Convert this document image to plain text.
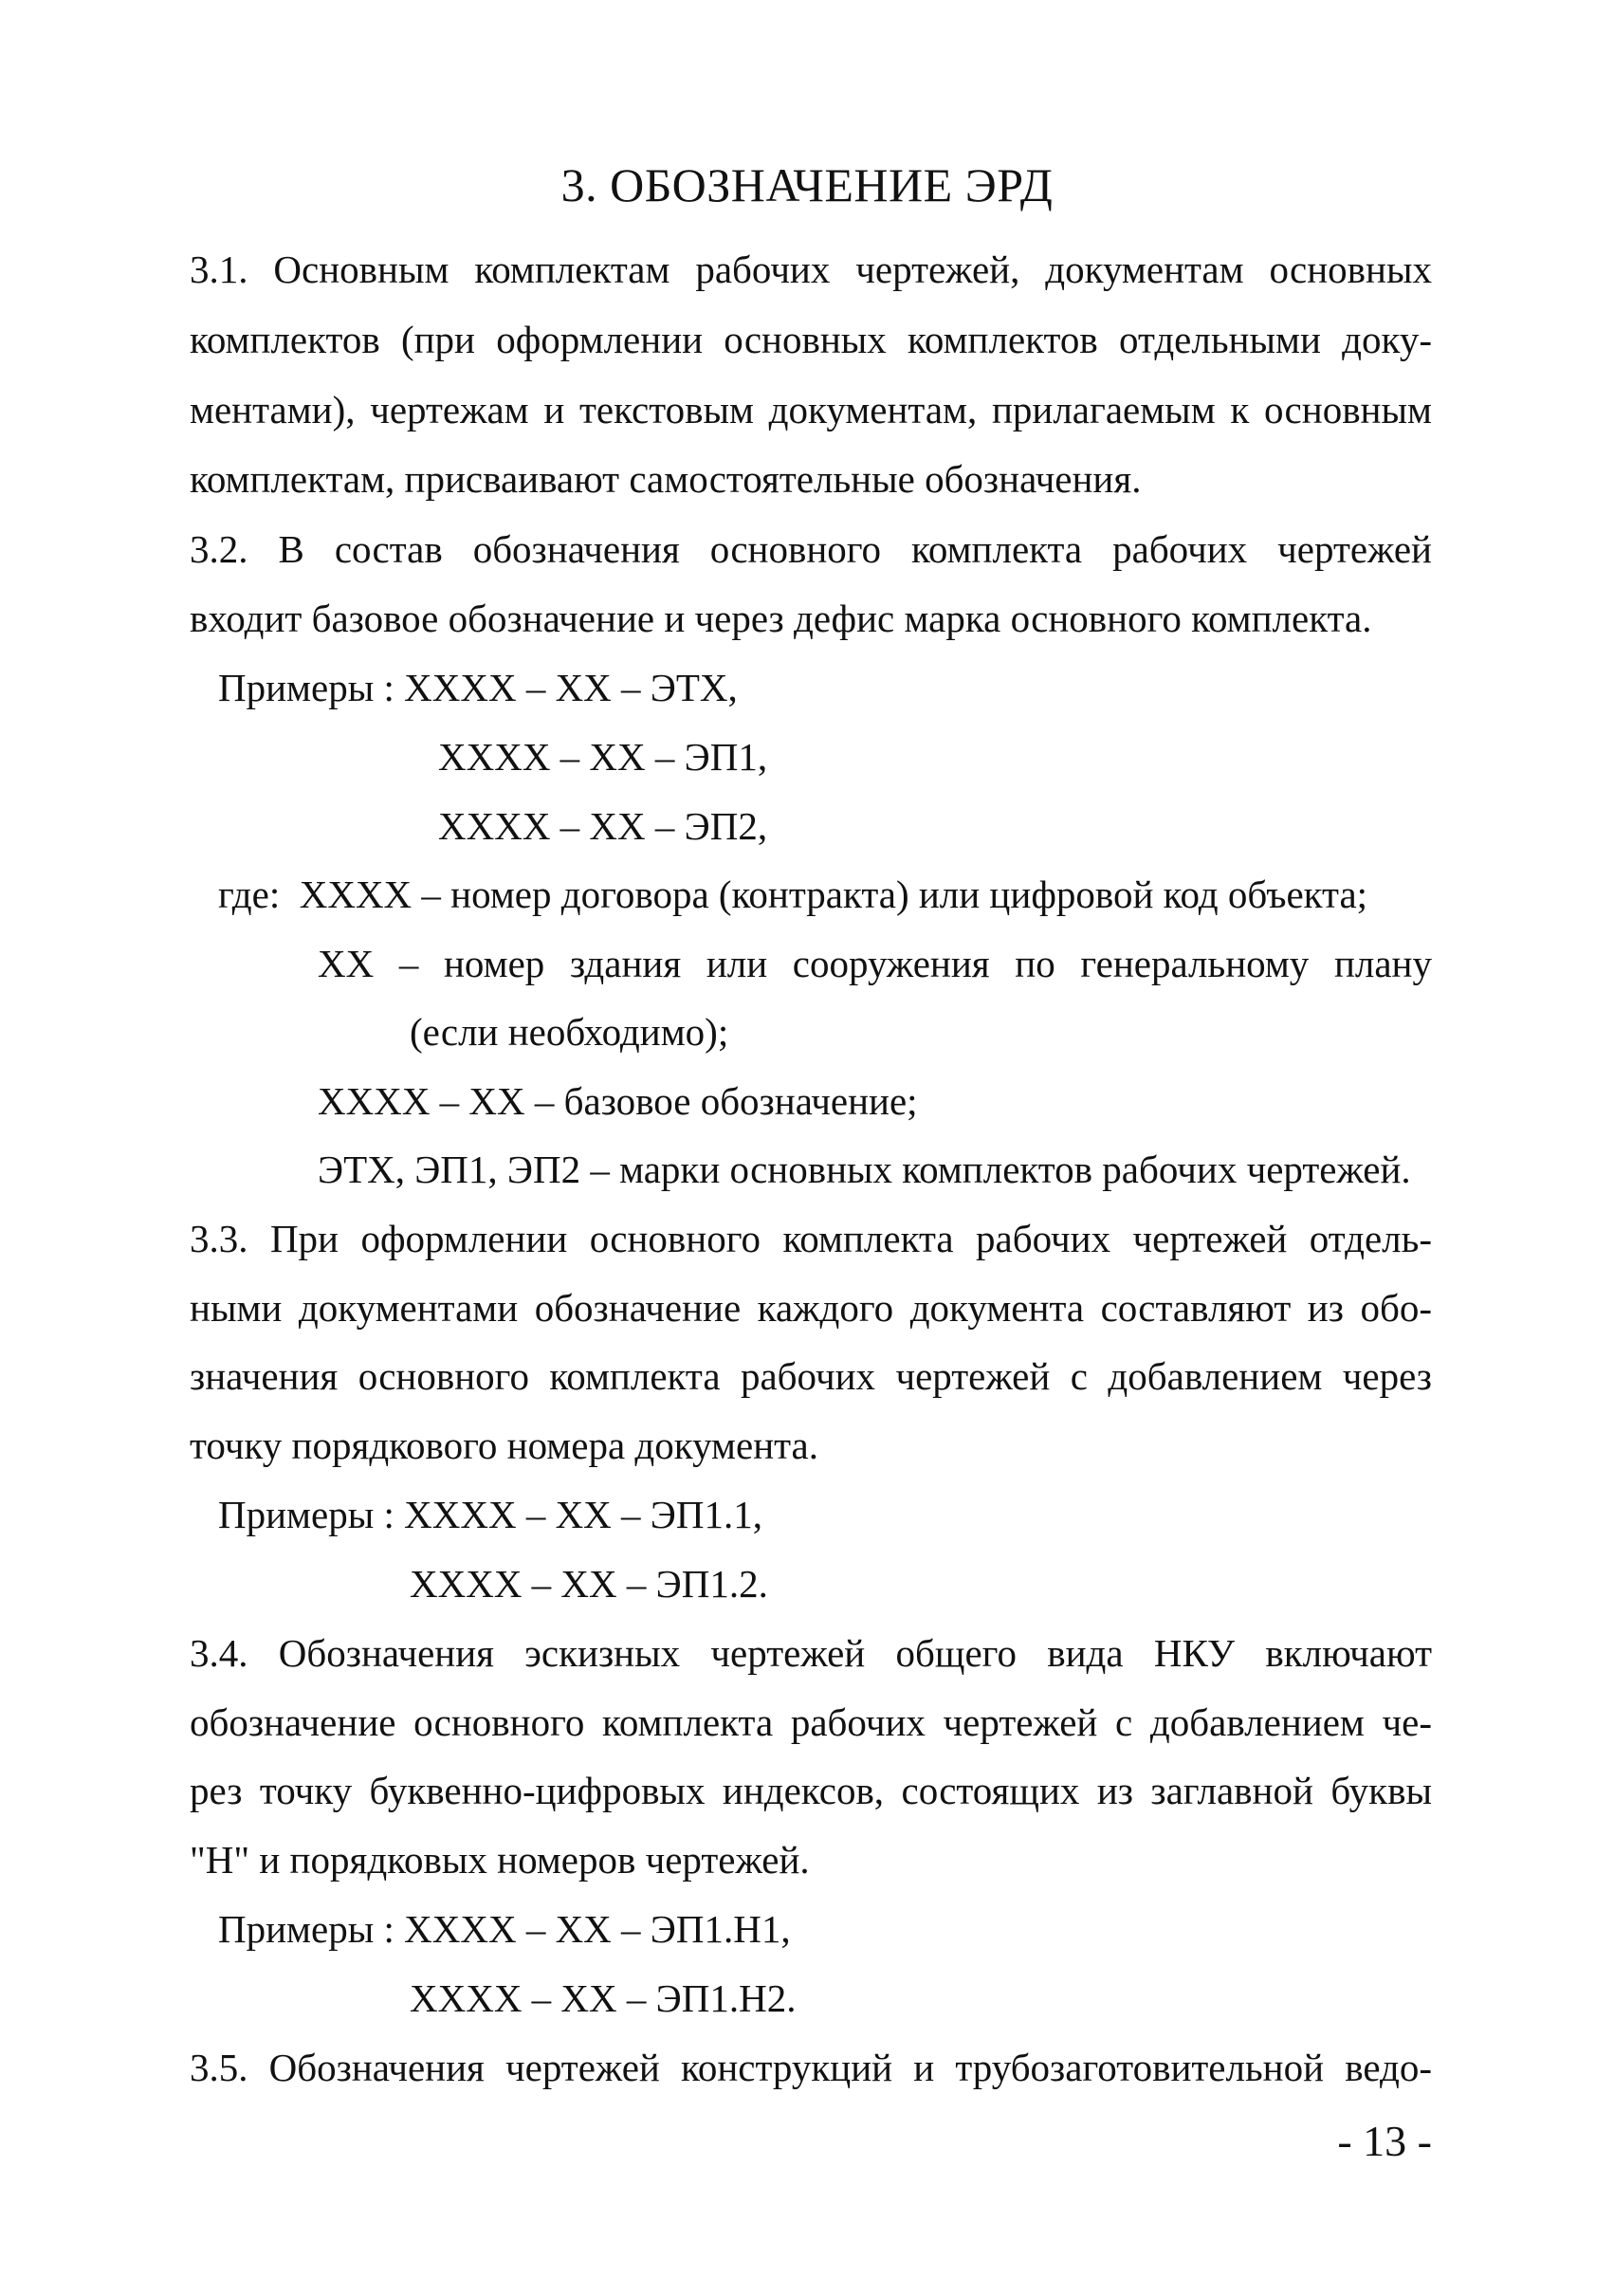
3. ОБОЗНАЧЕНИЕ ЭРД
3.1. Основным комплектам рабочих чертежей, документам основных
комплектов (при оформлении основных комплектов отдельными доку-
ментами), чертежам и текстовым документам, прилагаемым к основным
комплектам, присваивают самостоятельные обозначения.
3.2. В состав обозначения основного комплекта рабочих чертежей
входит базовое обозначение и через дефис марка основного комплекта.
Примеры : XXXX – XX – ЭТХ,
XXXX – XX – ЭП1,
XXXX – XX – ЭП2,
где:  XXXX – номер договора (контракта) или цифровой код объекта;
XX – номер здания или сооружения по генеральному плану
(если необходимо);
XXXX – XX – базовое обозначение;
ЭТХ, ЭП1, ЭП2 – марки основных комплектов рабочих чертежей.
3.3. При оформлении основного комплекта рабочих чертежей отдель-
ными документами обозначение каждого документа составляют из обо-
значения основного комплекта рабочих чертежей с добавлением через
точку порядкового номера документа.
Примеры : XXXX – XX – ЭП1.1,
XXXX – XX – ЭП1.2.
3.4. Обозначения эскизных чертежей общего вида НКУ включают
обозначение основного комплекта рабочих чертежей с добавлением че-
рез точку буквенно-цифровых индексов, состоящих из заглавной буквы
"Н" и порядковых номеров чертежей.
Примеры : XXXX – XX – ЭП1.Н1,
XXXX – XX – ЭП1.Н2.
3.5. Обозначения чертежей конструкций и трубозаготовительной ведо-
- 13 -
